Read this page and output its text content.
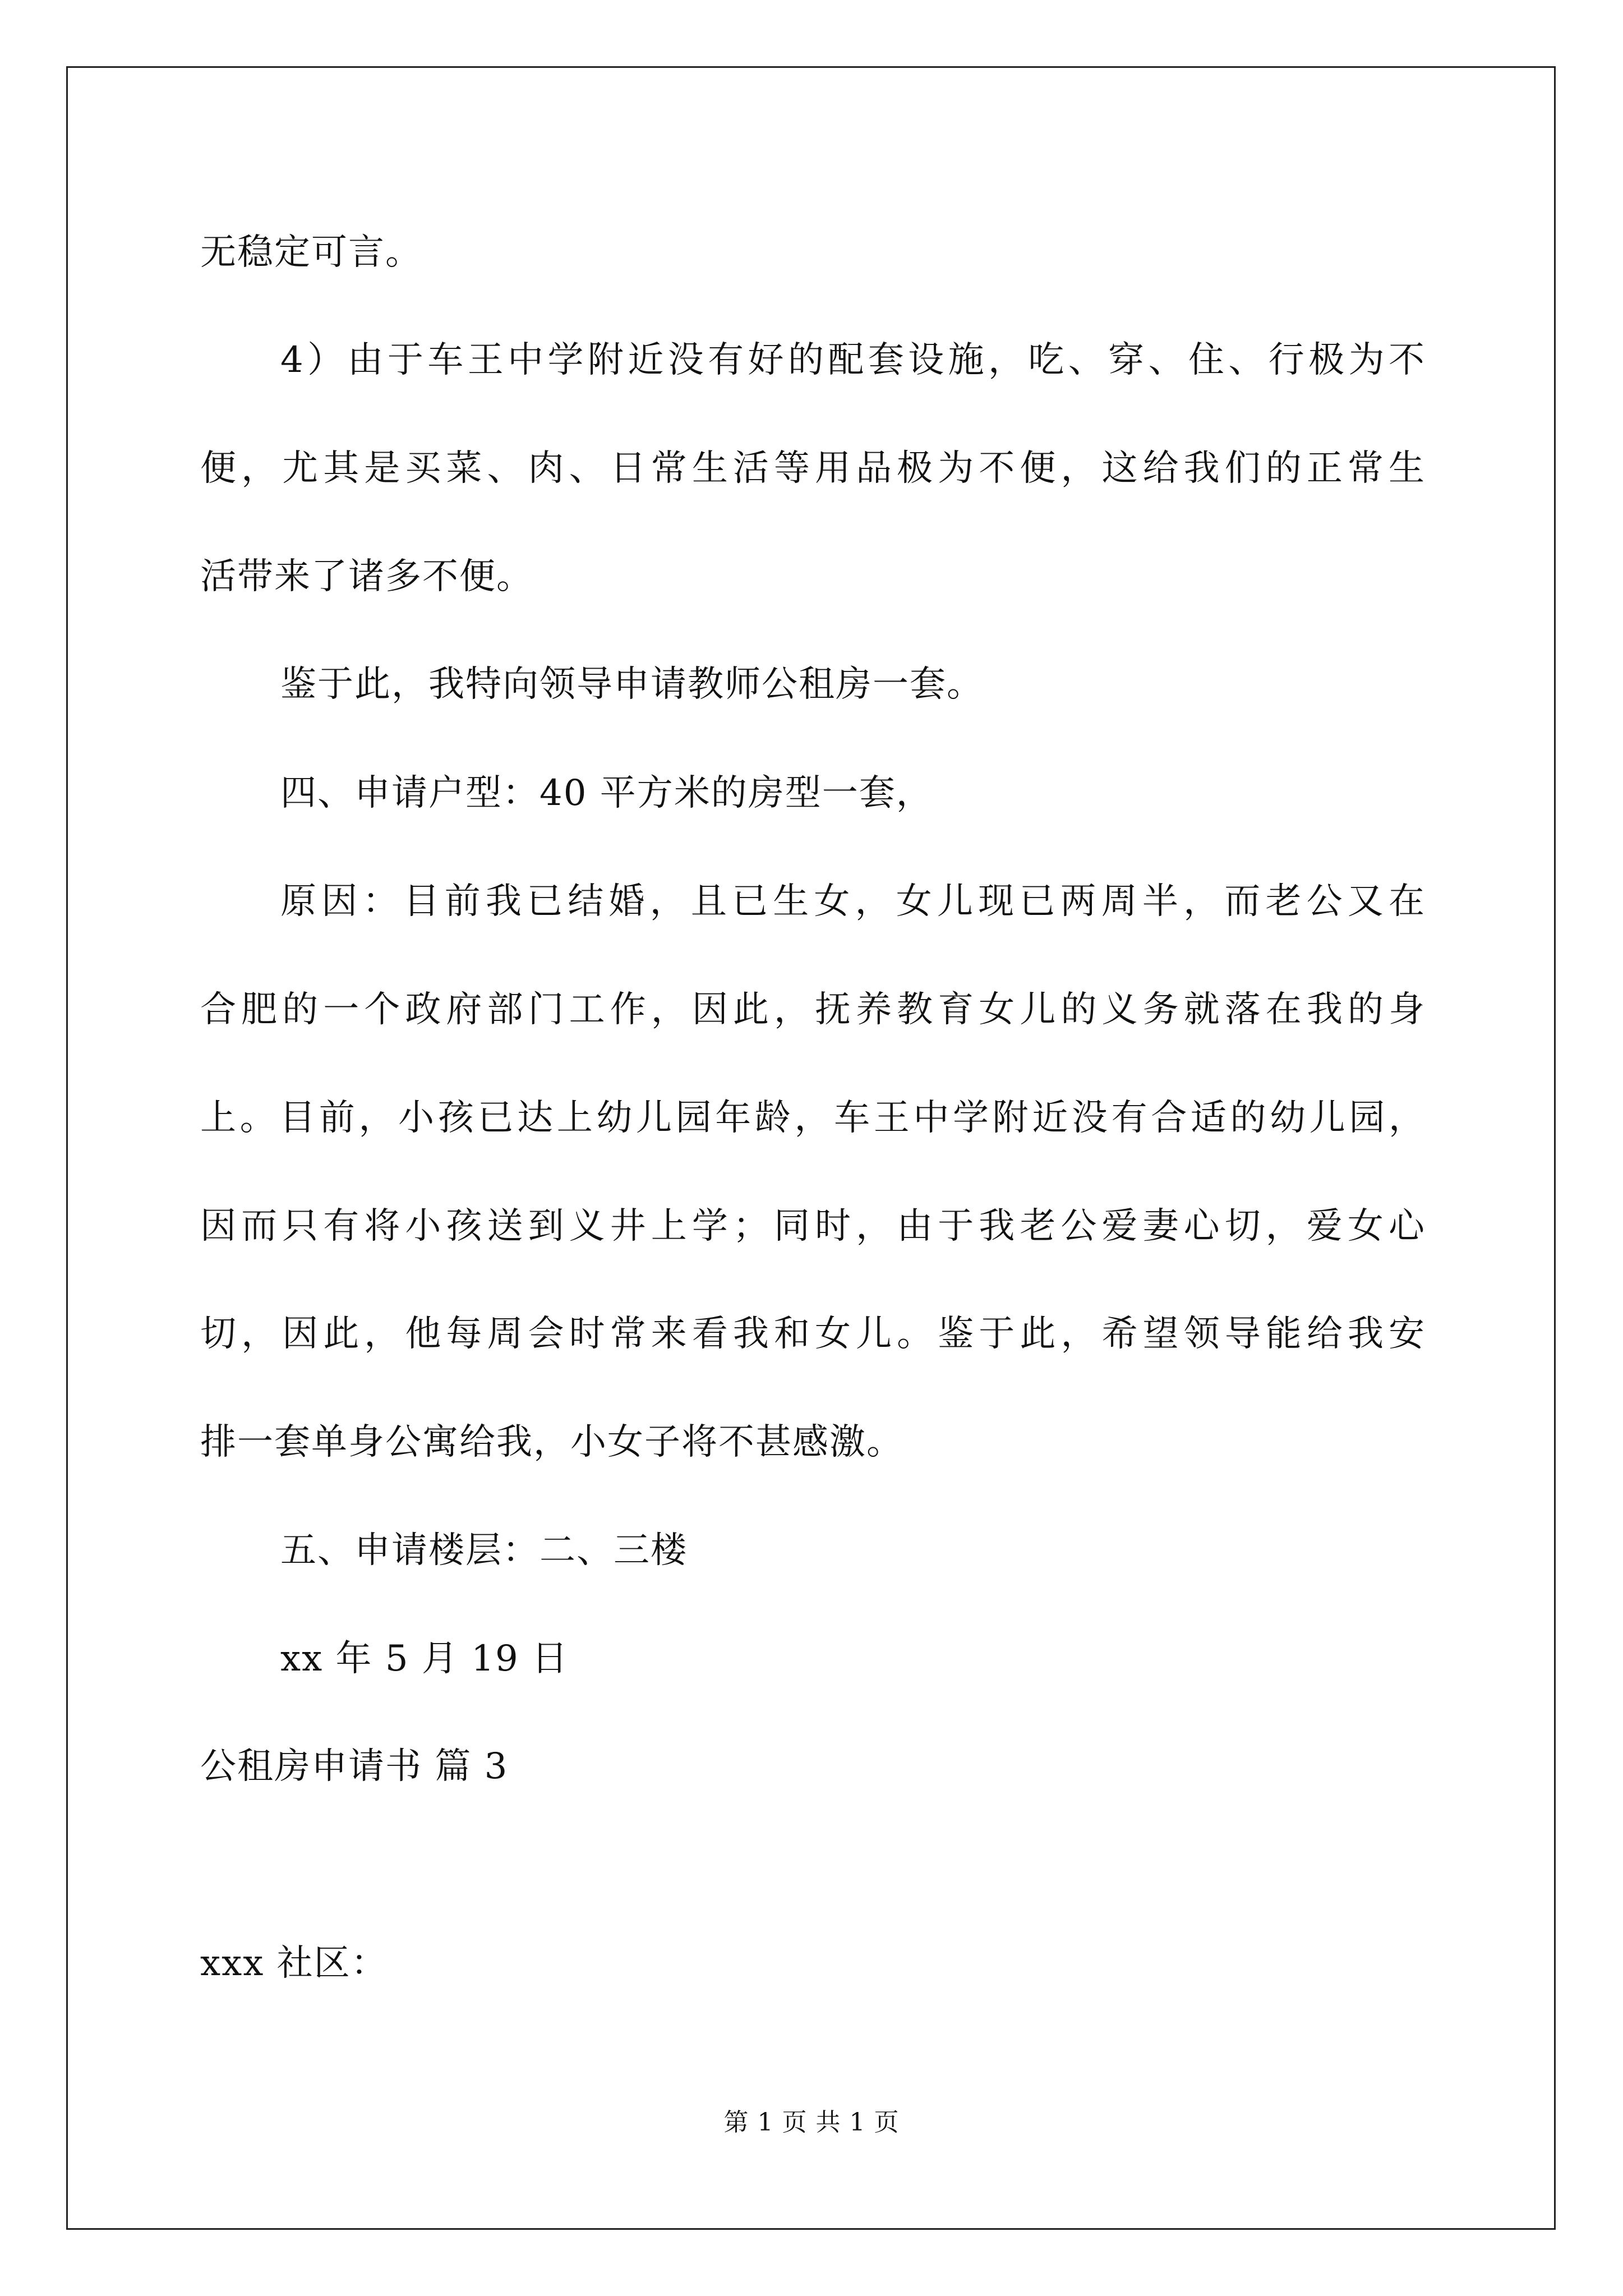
无稳定可言。
4）由于车王中学附近没有好的配套设施，吃、穿、住、行极为不
便，尤其是买菜、肉、日常生活等用品极为不便，这给我们的正常生
活带来了诸多不便。
鉴于此，我特向领导申请教师公租房一套。
四、申请户型：40 平方米的房型一套，
原因：目前我已结婚，且已生女，女儿现已两周半，而老公又在
合肥的一个政府部门工作，因此，抚养教育女儿的义务就落在我的身
上。目前，小孩已达上幼儿园年龄，车王中学附近没有合适的幼儿园，
因而只有将小孩送到义井上学；同时，由于我老公爱妻心切，爱女心
切，因此，他每周会时常来看我和女儿。鉴于此，希望领导能给我安
排一套单身公寓给我，小女子将不甚感激。
五、申请楼层：二、三楼
xx 年 5 月 19 日
公租房申请书 篇 3
xxx 社区：
第 1 页 共 1 页
